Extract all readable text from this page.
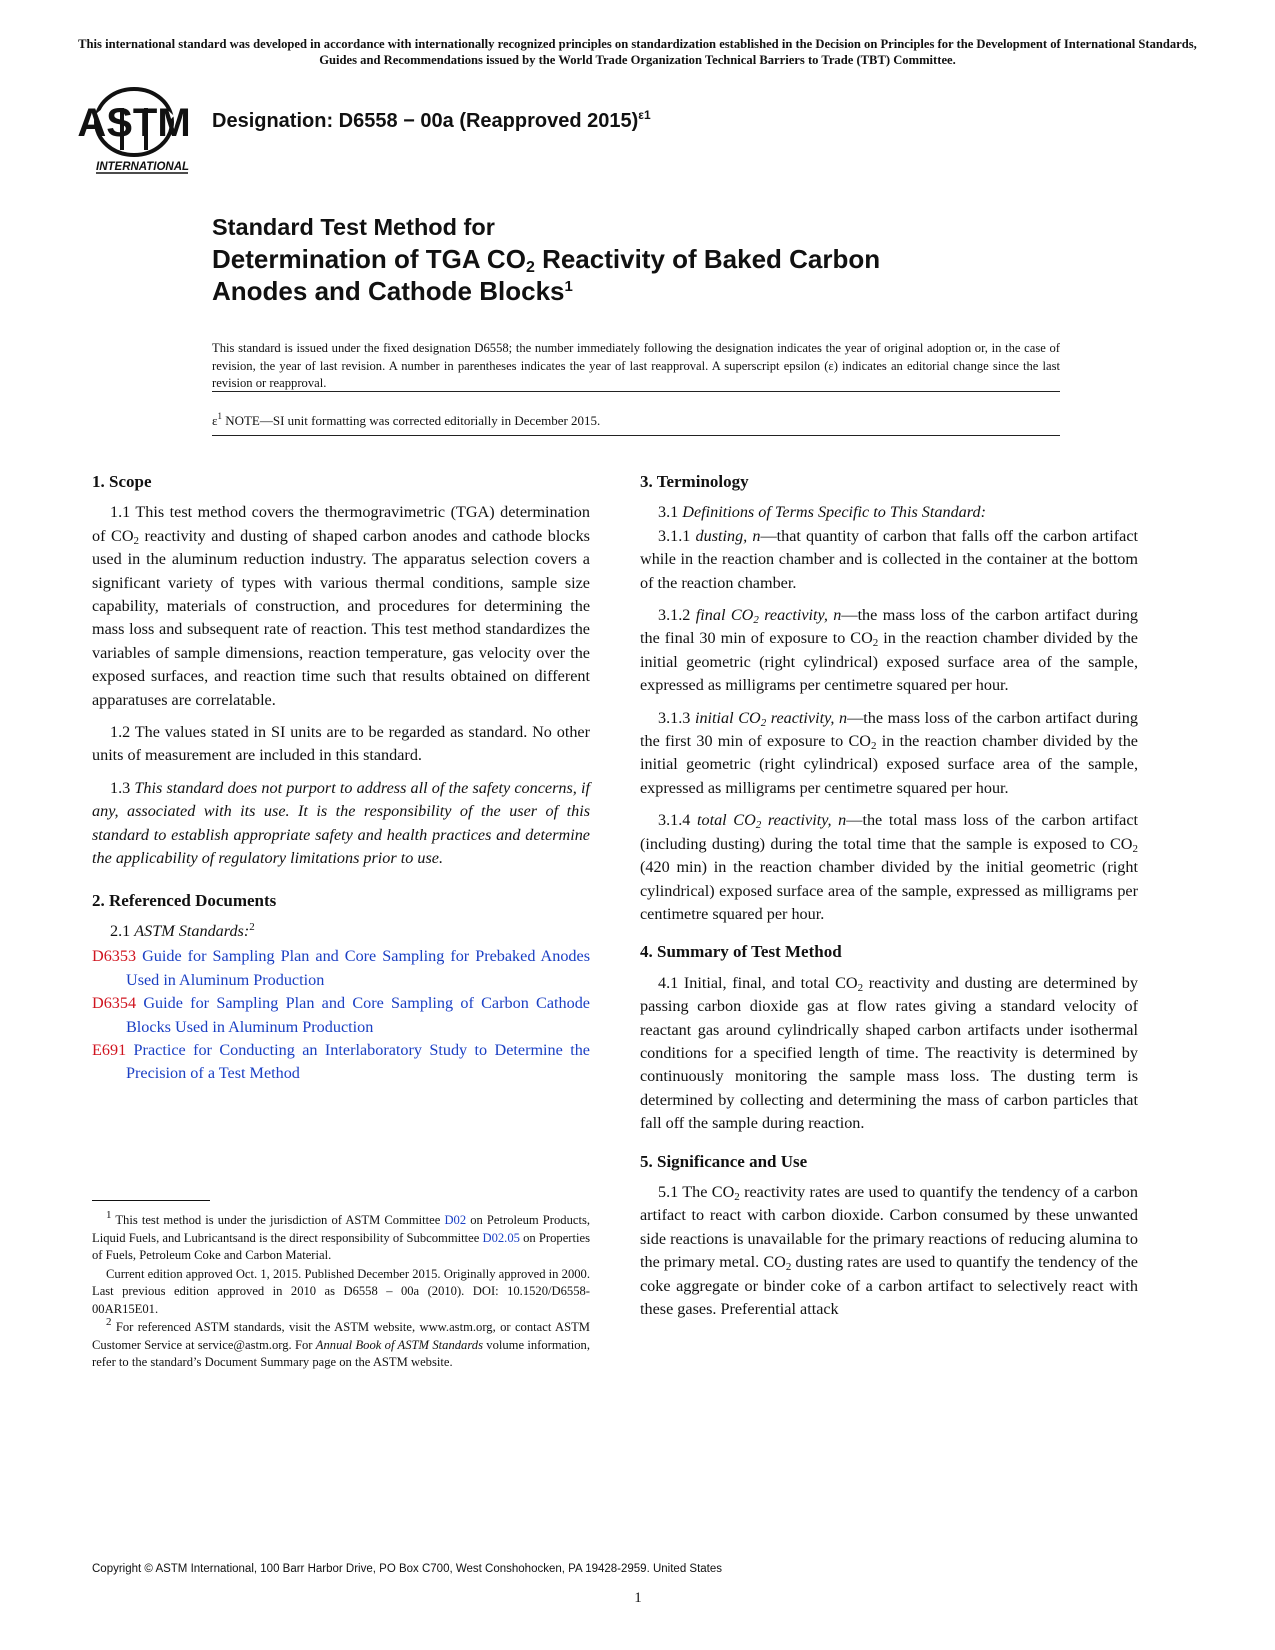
This international standard was developed in accordance with internationally recognized principles on standardization established in the Decision on Principles for the Development of International Standards, Guides and Recommendations issued by the World Trade Organization Technical Barriers to Trade (TBT) Committee.
ASTM
INTERNATIONAL
Designation: D6558 − 00a (Reapproved 2015)$^{\varepsilon 1}$
Standard Test Method for
Determination of TGA $CO_2$ Reactivity of Baked Carbon
Anodes and Cathode Blocks$^1$
This standard is issued under the fixed designation D6558; the number immediately following the designation indicates the year of original adoption or, in the case of revision, the year of last revision. A number in parentheses indicates the year of last reapproval. A superscript epsilon (ε) indicates an editorial change since the last revision or reapproval.
$\varepsilon^1$ NOTE—SI unit formatting was corrected editorially in December 2015.
1. Scope
1.1 This test method covers the thermogravimetric (TGA) determination of $CO_2$ reactivity and dusting of shaped carbon anodes and cathode blocks used in the aluminum reduction industry. The apparatus selection covers a significant variety of types with various thermal conditions, sample size capability, materials of construction, and procedures for determining the mass loss and subsequent rate of reaction. This test method standardizes the variables of sample dimensions, reaction temperature, gas velocity over the exposed surfaces, and reaction time such that results obtained on different apparatuses are correlatable.
1.2 The values stated in SI units are to be regarded as standard. No other units of measurement are included in this standard.
1.3 This standard does not purport to address all of the safety concerns, if any, associated with its use. It is the responsibility of the user of this standard to establish appropriate safety and health practices and determine the applicability of regulatory limitations prior to use.
2. Referenced Documents
2.1 ASTM Standards:$^2$
D6353 Guide for Sampling Plan and Core Sampling for Prebaked Anodes Used in Aluminum Production
D6354 Guide for Sampling Plan and Core Sampling of Carbon Cathode Blocks Used in Aluminum Production
E691 Practice for Conducting an Interlaboratory Study to Determine the Precision of a Test Method
$^1$ This test method is under the jurisdiction of ASTM Committee D02 on Petroleum Products, Liquid Fuels, and Lubricantsand is the direct responsibility of Subcommittee D02.05 on Properties of Fuels, Petroleum Coke and Carbon Material.
Current edition approved Oct. 1, 2015. Published December 2015. Originally approved in 2000. Last previous edition approved in 2010 as D6558 – 00a (2010). DOI: 10.1520/D6558-00AR15E01.
$^2$ For referenced ASTM standards, visit the ASTM website, www.astm.org, or contact ASTM Customer Service at service@astm.org. For Annual Book of ASTM Standards volume information, refer to the standard’s Document Summary page on the ASTM website.
3. Terminology
3.1 Definitions of Terms Specific to This Standard:
3.1.1 dusting, n—that quantity of carbon that falls off the carbon artifact while in the reaction chamber and is collected in the container at the bottom of the reaction chamber.
3.1.2 final $CO_2$ reactivity, n—the mass loss of the carbon artifact during the final 30 min of exposure to $CO_2$ in the reaction chamber divided by the initial geometric (right cylindrical) exposed surface area of the sample, expressed as milligrams per centimetre squared per hour.
3.1.3 initial $CO_2$ reactivity, n—the mass loss of the carbon artifact during the first 30 min of exposure to $CO_2$ in the reaction chamber divided by the initial geometric (right cylindrical) exposed surface area of the sample, expressed as milligrams per centimetre squared per hour.
3.1.4 total $CO_2$ reactivity, n—the total mass loss of the carbon artifact (including dusting) during the total time that the sample is exposed to $CO_2$ (420 min) in the reaction chamber divided by the initial geometric (right cylindrical) exposed surface area of the sample, expressed as milligrams per centimetre squared per hour.
4. Summary of Test Method
4.1 Initial, final, and total $CO_2$ reactivity and dusting are determined by passing carbon dioxide gas at flow rates giving a standard velocity of reactant gas around cylindrically shaped carbon artifacts under isothermal conditions for a specified length of time. The reactivity is determined by continuously monitoring the sample mass loss. The dusting term is determined by collecting and determining the mass of carbon particles that fall off the sample during reaction.
5. Significance and Use
5.1 The $CO_2$ reactivity rates are used to quantify the tendency of a carbon artifact to react with carbon dioxide. Carbon consumed by these unwanted side reactions is unavailable for the primary reactions of reducing alumina to the primary metal. $CO_2$ dusting rates are used to quantify the tendency of the coke aggregate or binder coke of a carbon artifact to selectively react with these gases. Preferential attack
Copyright © ASTM International, 100 Barr Harbor Drive, PO Box C700, West Conshohocken, PA 19428-2959. United States
1
